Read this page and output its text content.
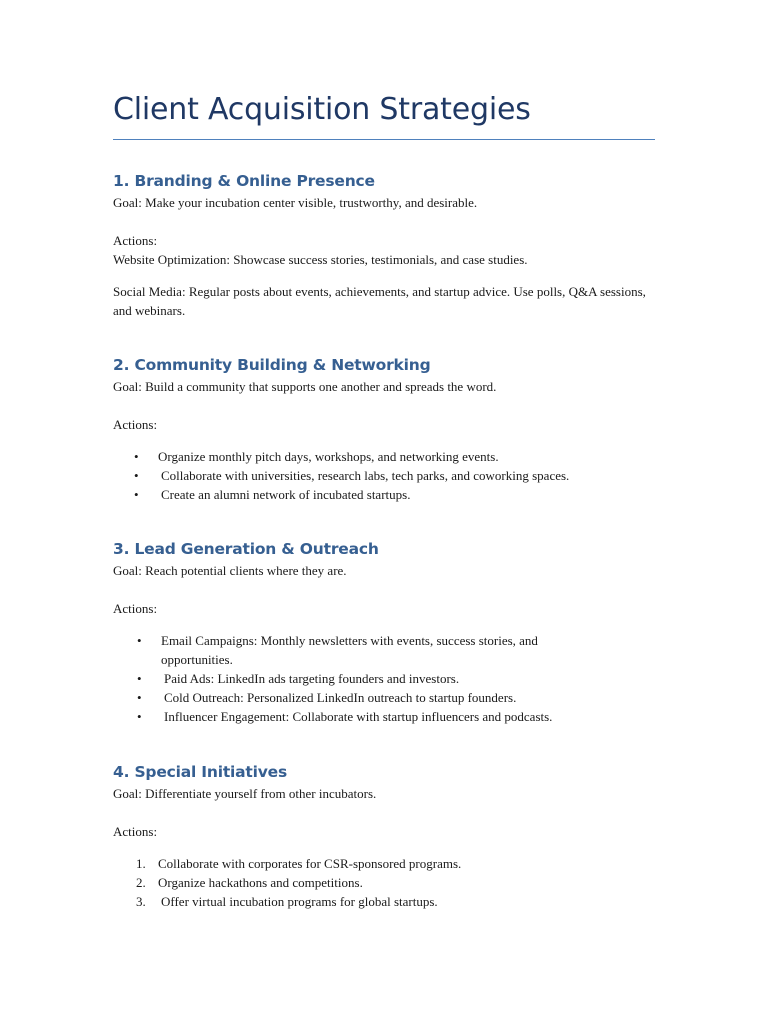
Client Acquisition Strategies
1. Branding & Online Presence

Goal: Make your incubation center visible, trustworthy, and desirable.

Actions:

Website Optimization: Showcase success stories, testimonials, and case studies.

Social Media: Regular posts about events, achievements, and startup advice. Use polls, Q&A sessions, and webinars.

2. Community Building & Networking

Goal: Build a community that supports one another and spreads the word.

Actions:

•	Organize monthly pitch days, workshops, and networking events.
•	Collaborate with universities, research labs, tech parks, and coworking spaces.
•	Create an alumni network of incubated startups.
3. Lead Generation & Outreach

Goal: Reach potential clients where they are.

Actions:

•	Email Campaigns: Monthly newsletters with events, success stories, and opportunities.
•	Paid Ads: LinkedIn ads targeting founders and investors.
•	Cold Outreach: Personalized LinkedIn outreach to startup founders.
•	Influencer Engagement: Collaborate with startup influencers and podcasts.
4. Special Initiatives

Goal: Differentiate yourself from other incubators.

Actions:

1. Collaborate with corporates for CSR-sponsored programs.
2. Organize hackathons and competitions.
3.	Offer virtual incubation programs for global startups.
